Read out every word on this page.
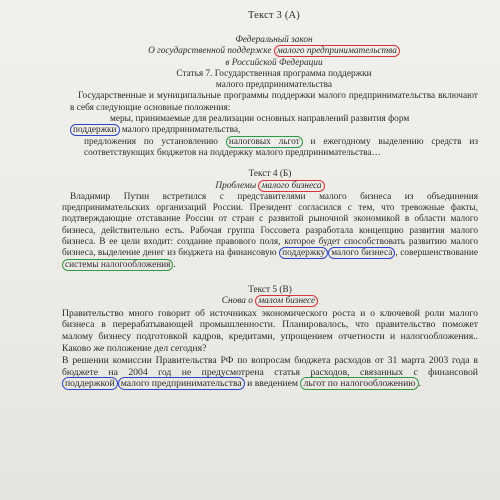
Текст 3 (А)
Федеральный закон
О государственной поддержке малого предпринимательства
в Российской Федерации
Статья 7. Государственная программа поддержки
малого предпринимательства
Государственные и муниципальные программы поддержки малого предпринимательства включают в себя следующие основные положения:
меры, принимаемые для реализации основных направлений развития форм
поддержки малого предпринимательства,
предложения по установлению налоговых льгот и ежегодному выделению средств из соответствующих бюджетов на поддержку малого предпринимательства…
Текст 4 (Б)
Проблемы малого бизнеса
Владимир Путин встретился с представителями малого бизнеса из объединения предпринимательских организаций России. Президент согласился с тем, что тревожные факты, подтверждающие отставание России от стран с развитой рыночной экономикой в области малого бизнеса, действительно есть. Рабочая группа Госсовета разработала концепцию развития малого бизнеса. В ее цели входит: создание правового поля, которое будет способствовать развитию малого бизнеса, выделение денег из бюджета на финансовую поддержку малого бизнеса , совершенствование системы налогообложения .
Текст 5 (В)
Снова о малом бизнесе
Правительство много говорит об источниках экономического роста и о ключевой роли малого бизнеса в перерабатывающей промышленности. Планировалось, что правительство поможет малому бизнесу подготовкой кадров, кредитами, упрощением отчетности и налогообложения.. Каково же положение дел сегодня?
В решении комиссии Правительства РФ по вопросам бюджета расходов от 31 марта 2003 года в бюджете на 2004 год не предусмотрена статья расходов, связанных с финансовой поддержкой малого предпринимательства и введением льгот по налогообложению .
